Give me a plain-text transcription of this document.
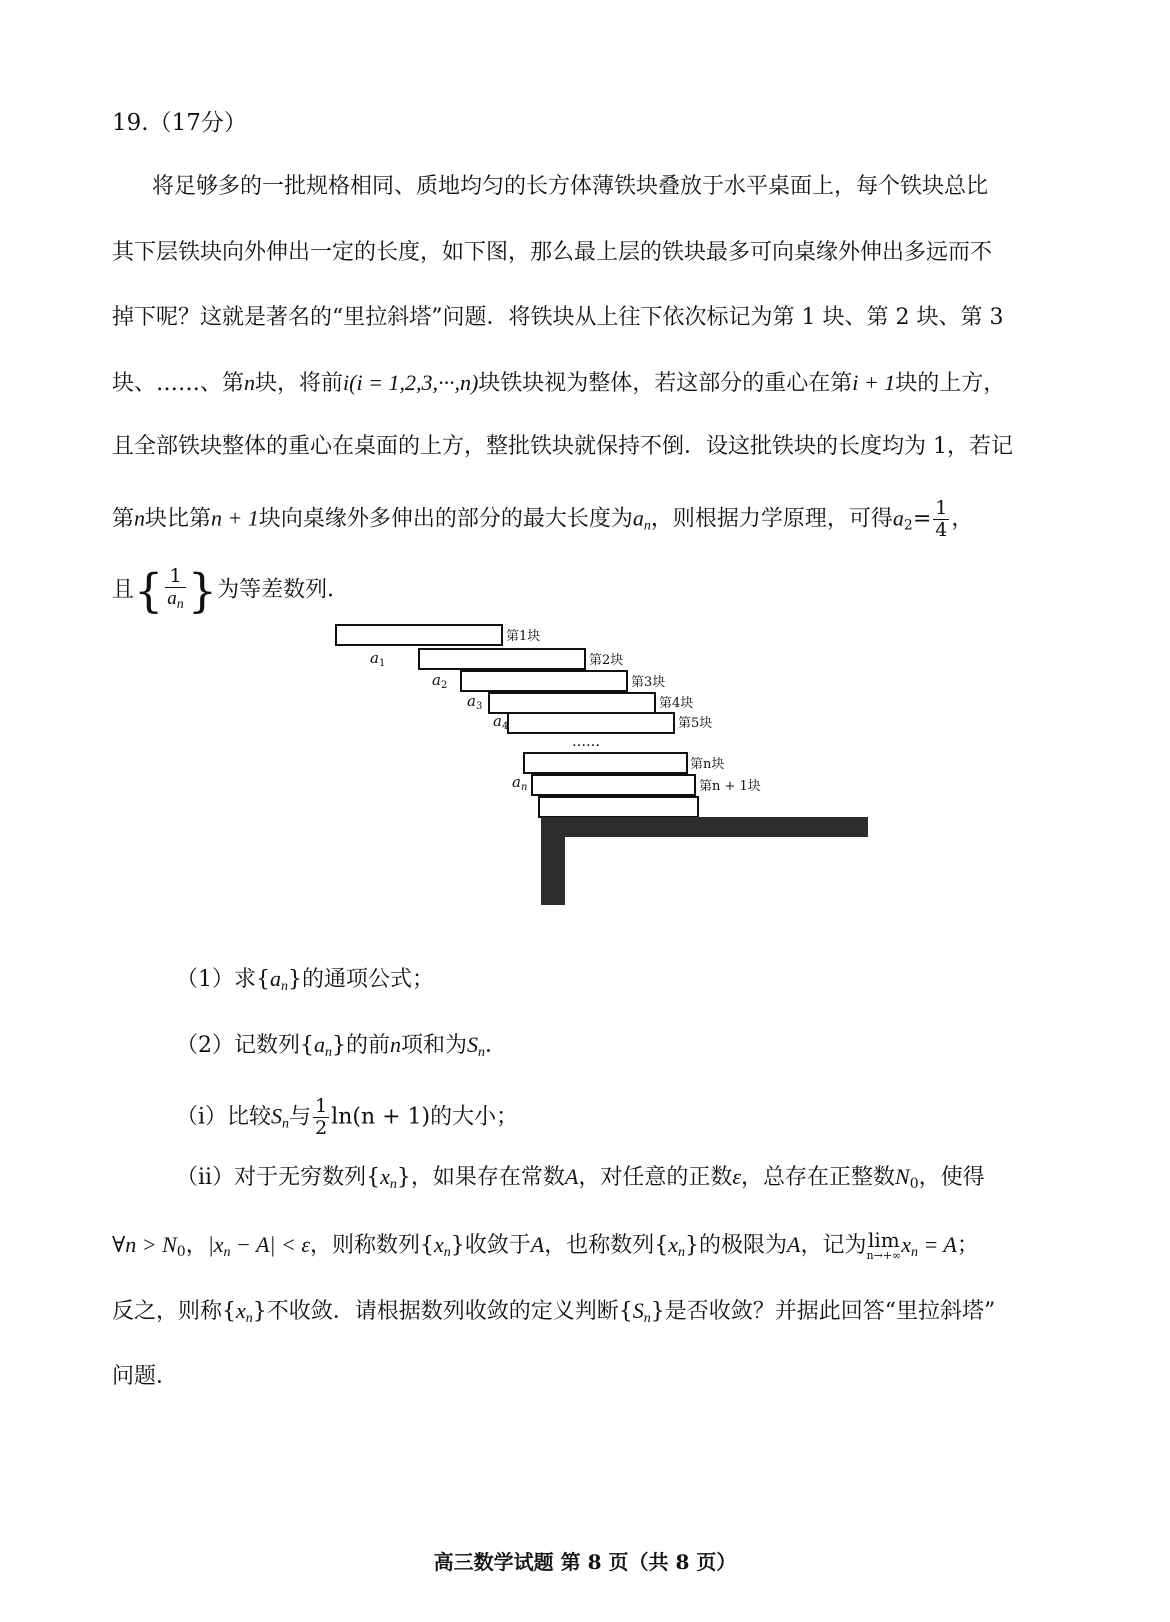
19.（17分）
将足够多的一批规格相同、质地均匀的长方体薄铁块叠放于水平桌面上，每个铁块总比
其下层铁块向外伸出一定的长度，如下图，那么最上层的铁块最多可向桌缘外伸出多远而不
掉下呢？这就是著名的“里拉斜塔”问题．将铁块从上往下依次标记为第 1 块、第 2 块、第 3
块、……、第n块，将前i(i = 1,2,3,···,n)块铁块视为整体，若这部分的重心在第i + 1块的上方，
且全部铁块整体的重心在桌面的上方，整批铁块就保持不倒．设这批铁块的长度均为 1，若记
第n块比第n + 1块向桌缘外多伸出的部分的最大长度为$a_n$，则根据力学原理，可得$a_2= \frac{1}{4}$ ，
且{ $\frac{1}{a_n}$ }为等差数列．
第1块
第2块
第3块
第4块
第5块
第n块
第n + 1块
$a_1$
$a_2$
$a_3$
$a_4$
$a_n$
……
（1）求$\{a_n\}$的通项公式；
（2）记数列$\{a_n\}$的前n项和为$S_n$．
（i）比较$S_n$与 $\frac{1}{2} \ln(n + 1)$的大小；
（ii）对于无穷数列$\{x_n\}$，如果存在常数A，对任意的正数ε，总存在正整数$N_0$，使得
∀n > $N_0$，$|x_n - A| < \varepsilon$，则称数列$\{x_n\}$收敛于A，也称数列$\{x_n\}$的极限为A，记为 lim
n→+∞ $x_n = A$；
反之，则称$\{x_n\}$不收敛．请根据数列收敛的定义判断$\{S_n\}$是否收敛？并据此回答“里拉斜塔”
问题．
高三数学试题 第 8 页（共 8 页）
